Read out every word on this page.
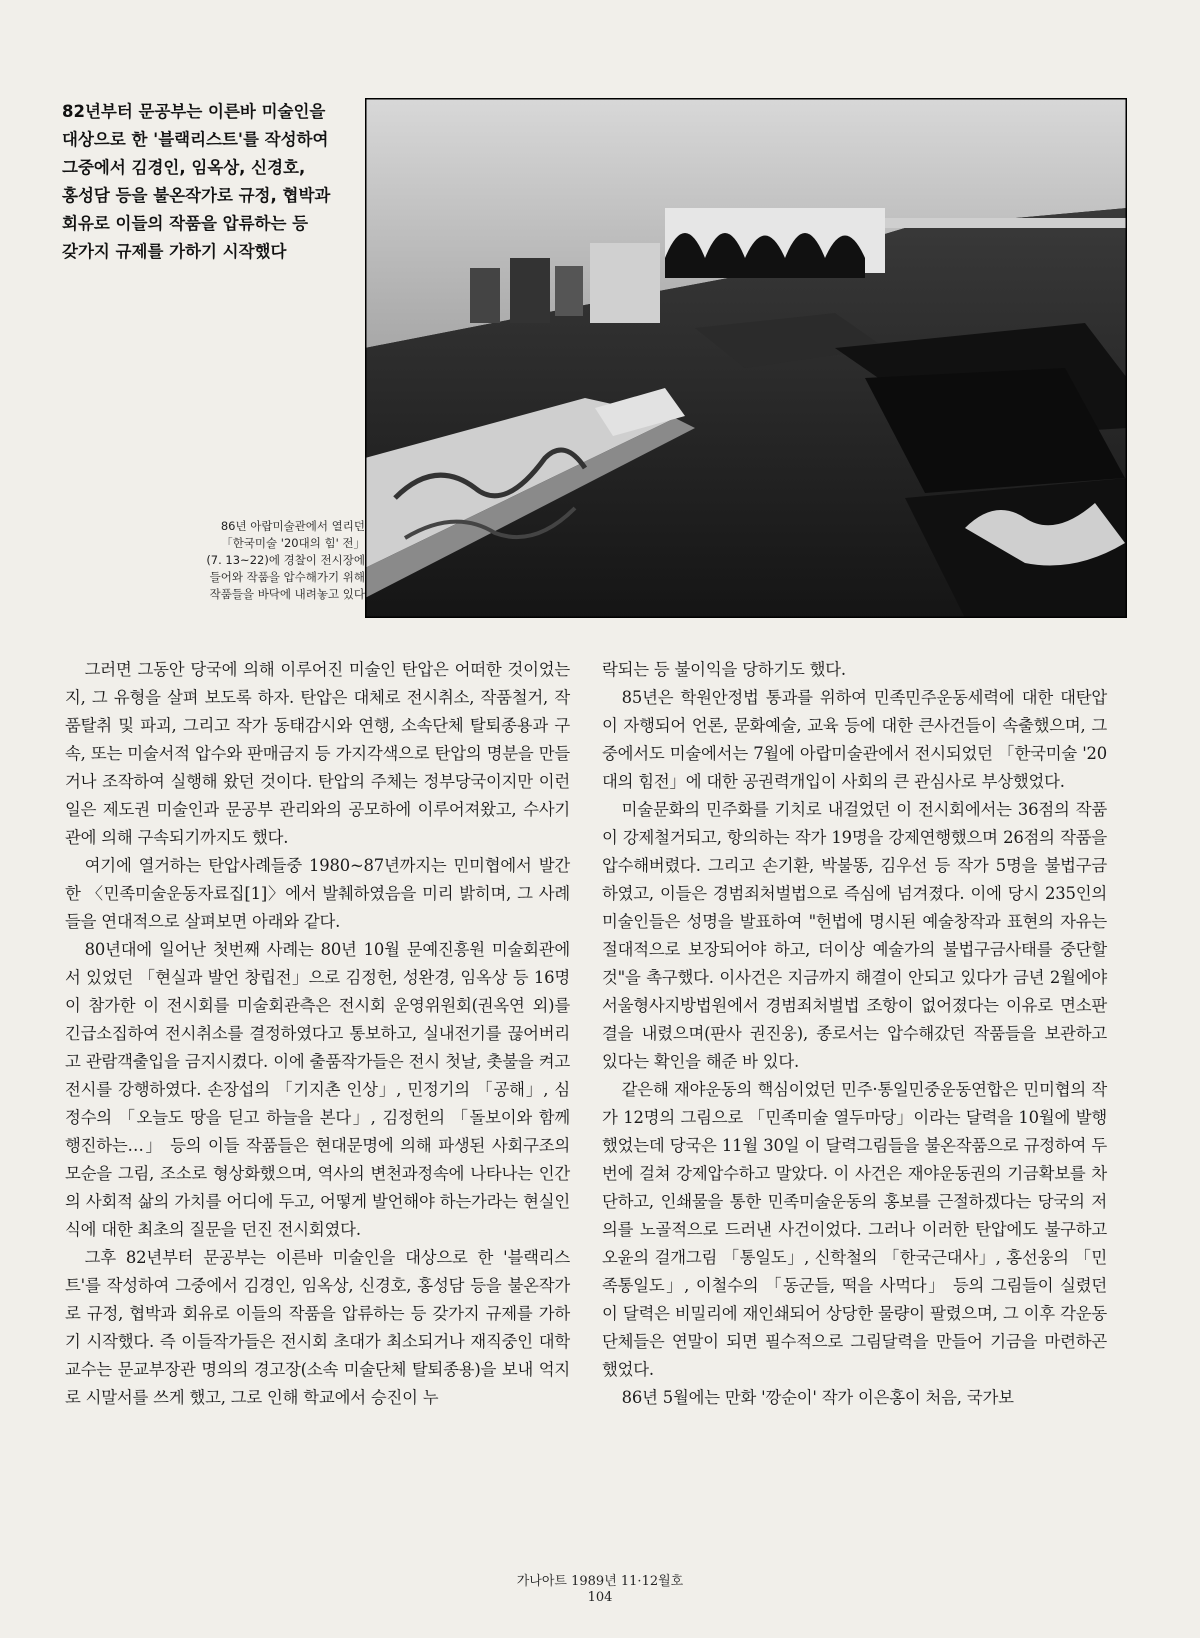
82년부터 문공부는 이른바 미술인을
대상으로 한 '블랙리스트'를 작성하여
그중에서 김경인, 임옥상, 신경호,
홍성담 등을 불온작가로 규정, 협박과
회유로 이들의 작품을 압류하는 등
갖가지 규제를 가하기 시작했다
86년 아랍미술관에서 열리던
「한국미술 '20대의 힘' 전」
(7. 13~22)에 경찰이 전시장에
들어와 작품을 압수해가기 위해
작품들을 바닥에 내려놓고 있다

그러면 그동안 당국에 의해 이루어진 미술인 탄압은 어떠한 것이었는지, 그 유형을 살펴 보도록 하자. 탄압은 대체로 전시취소, 작품철거, 작품탈취 및 파괴, 그리고 작가 동태감시와 연행, 소속단체 탈퇴종용과 구속, 또는 미술서적 압수와 판매금지 등 가지각색으로 탄압의 명분을 만들거나 조작하여 실행해 왔던 것이다. 탄압의 주체는 정부당국이지만 이런 일은 제도권 미술인과 문공부 관리와의 공모하에 이루어져왔고, 수사기관에 의해 구속되기까지도 했다.

여기에 열거하는 탄압사례들중 1980~87년까지는 민미협에서 발간한 〈민족미술운동자료집[1]〉에서 발췌하였음을 미리 밝히며, 그 사례들을 연대적으로 살펴보면 아래와 같다.

80년대에 일어난 첫번째 사례는 80년 10월 문예진흥원 미술회관에서 있었던 「현실과 발언 창립전」으로 김정헌, 성완경, 임옥상 등 16명이 참가한 이 전시회를 미술회관측은 전시회 운영위원회(권옥연 외)를 긴급소집하여 전시취소를 결정하였다고 통보하고, 실내전기를 끊어버리고 관람객출입을 금지시켰다. 이에 출품작가들은 전시 첫날, 촛불을 켜고 전시를 강행하였다. 손장섭의 「기지촌 인상」, 민정기의 「공해」, 심정수의 「오늘도 땅을 딛고 하늘을 본다」, 김정헌의 「돌보이와 함께 행진하는…」 등의 이들 작품들은 현대문명에 의해 파생된 사회구조의 모순을 그림, 조소로 형상화했으며, 역사의 변천과정속에 나타나는 인간의 사회적 삶의 가치를 어디에 두고, 어떻게 발언해야 하는가라는 현실인식에 대한 최초의 질문을 던진 전시회였다.

그후 82년부터 문공부는 이른바 미술인을 대상으로 한 '블랙리스트'를 작성하여 그중에서 김경인, 임옥상, 신경호, 홍성담 등을 불온작가로 규정, 협박과 회유로 이들의 작품을 압류하는 등 갖가지 규제를 가하기 시작했다. 즉 이들작가들은 전시회 초대가 최소되거나 재직중인 대학교수는 문교부장관 명의의 경고장(소속 미술단체 탈퇴종용)을 보내 억지로 시말서를 쓰게 했고, 그로 인해 학교에서 승진이 누

락되는 등 불이익을 당하기도 했다.

85년은 학원안정법 통과를 위하여 민족민주운동세력에 대한 대탄압이 자행되어 언론, 문화예술, 교육 등에 대한 큰사건들이 속출했으며, 그중에서도 미술에서는 7월에 아랍미술관에서 전시되었던 「한국미술 '20대의 힘전」에 대한 공권력개입이 사회의 큰 관심사로 부상했었다.

미술문화의 민주화를 기치로 내걸었던 이 전시회에서는 36점의 작품이 강제철거되고, 항의하는 작가 19명을 강제연행했으며 26점의 작품을 압수해버렸다. 그리고 손기환, 박불똥, 김우선 등 작가 5명을 불법구금 하였고, 이들은 경범죄처벌법으로 즉심에 넘겨졌다. 이에 당시 235인의 미술인들은 성명을 발표하여 "헌법에 명시된 예술창작과 표현의 자유는 절대적으로 보장되어야 하고, 더이상 예술가의 불법구금사태를 중단할 것"을 촉구했다. 이사건은 지금까지 해결이 안되고 있다가 금년 2월에야 서울형사지방법원에서 경범죄처벌법 조항이 없어졌다는 이유로 면소판결을 내렸으며(판사 권진웅), 종로서는 압수해갔던 작품들을 보관하고 있다는 확인을 해준 바 있다.

같은해 재야운동의 핵심이었던 민주·통일민중운동연합은 민미협의 작가 12명의 그림으로 「민족미술 열두마당」이라는 달력을 10월에 발행했었는데 당국은 11월 30일 이 달력그림들을 불온작품으로 규정하여 두번에 걸쳐 강제압수하고 말았다. 이 사건은 재야운동권의 기금확보를 차단하고, 인쇄물을 통한 민족미술운동의 홍보를 근절하겠다는 당국의 저의를 노골적으로 드러낸 사건이었다. 그러나 이러한 탄압에도 불구하고 오윤의 걸개그림 「통일도」, 신학철의 「한국근대사」, 홍선웅의 「민족통일도」, 이철수의 「동군들, 떡을 사먹다」 등의 그림들이 실렸던 이 달력은 비밀리에 재인쇄되어 상당한 물량이 팔렸으며, 그 이후 각운동단체들은 연말이 되면 필수적으로 그림달력을 만들어 기금을 마련하곤 했었다.

86년 5월에는 만화 '깡순이' 작가 이은홍이 처음, 국가보

가나아트 1989년 11·12월호
104
